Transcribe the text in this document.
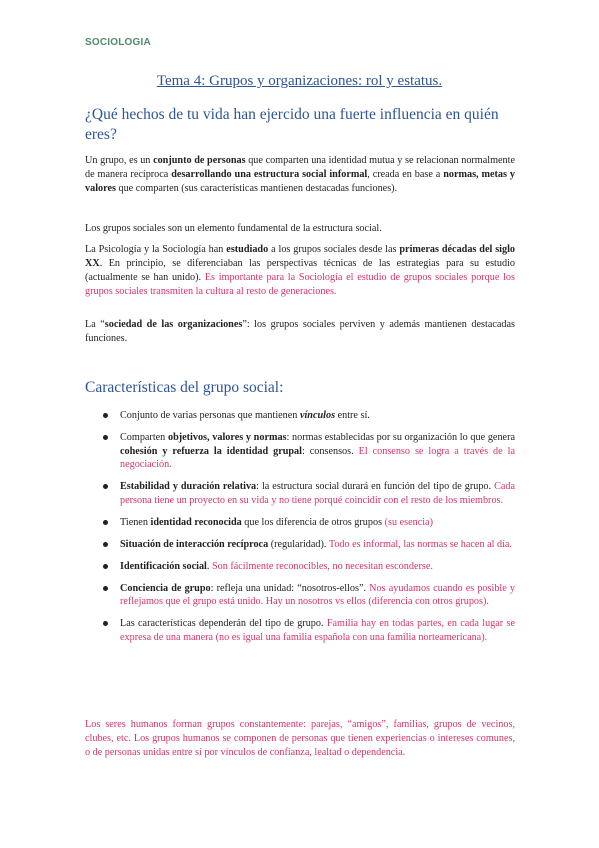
SOCIOLOGIA
Tema 4: Grupos y organizaciones: rol y estatus.
¿Qué hechos de tu vida han ejercido una fuerte influencia en quién eres?
Un grupo, es un conjunto de personas que comparten una identidad mutua y se relacionan normalmente de manera recíproca desarrollando una estructura social informal, creada en base a normas, metas y valores que comparten (sus características mantienen destacadas funciones).
Los grupos sociales son un elemento fundamental de la estructura social.
La Psicología y la Sociología han estudiado a los grupos sociales desde las primeras décadas del siglo XX. En principio, se diferenciaban las perspectivas técnicas de las estrategias para su estudio (actualmente se han unido). Es importante para la Sociología el estudio de grupos sociales porque los grupos sociales transmiten la cultura al resto de generaciones.
La “sociedad de las organizaciones”: los grupos sociales perviven y además mantienen destacadas funciones.
Características del grupo social:
Conjunto de varias personas que mantienen vínculos entre sí.
Comparten objetivos, valores y normas: normas establecidas por su organización lo que genera cohesión y refuerza la identidad grupal: consensos. El consenso se logra a través de la negociación.
Estabilidad y duración relativa: la estructura social durará en función del tipo de grupo. Cada persona tiene un proyecto en su vida y no tiene porqué coincidir con el resto de los miembros.
Tienen identidad reconocida que los diferencia de otros grupos (su esencia)
Situación de interacción recíproca (regularidad). Todo es informal, las normas se hacen al día.
Identificación social. Son fácilmente reconocibles, no necesitan esconderse.
Conciencia de grupo: refleja una unidad: “nosotros-ellos”. Nos ayudamos cuando es posible y reflejamos que el grupo está unido. Hay un nosotros vs ellos (diferencia con otros grupos).
Las características dependerán del tipo de grupo. Familia hay en todas partes, en cada lugar se expresa de una manera (no es igual una familia española con una familia norteamericana).
Los seres humanos forman grupos constantemente: parejas, “amigos”, familias, grupos de vecinos, clubes, etc. Los grupos humanos se componen de personas que tienen experiencias o intereses comunes, o de personas unidas entre sí por vínculos de confianza, lealtad o dependencia.
